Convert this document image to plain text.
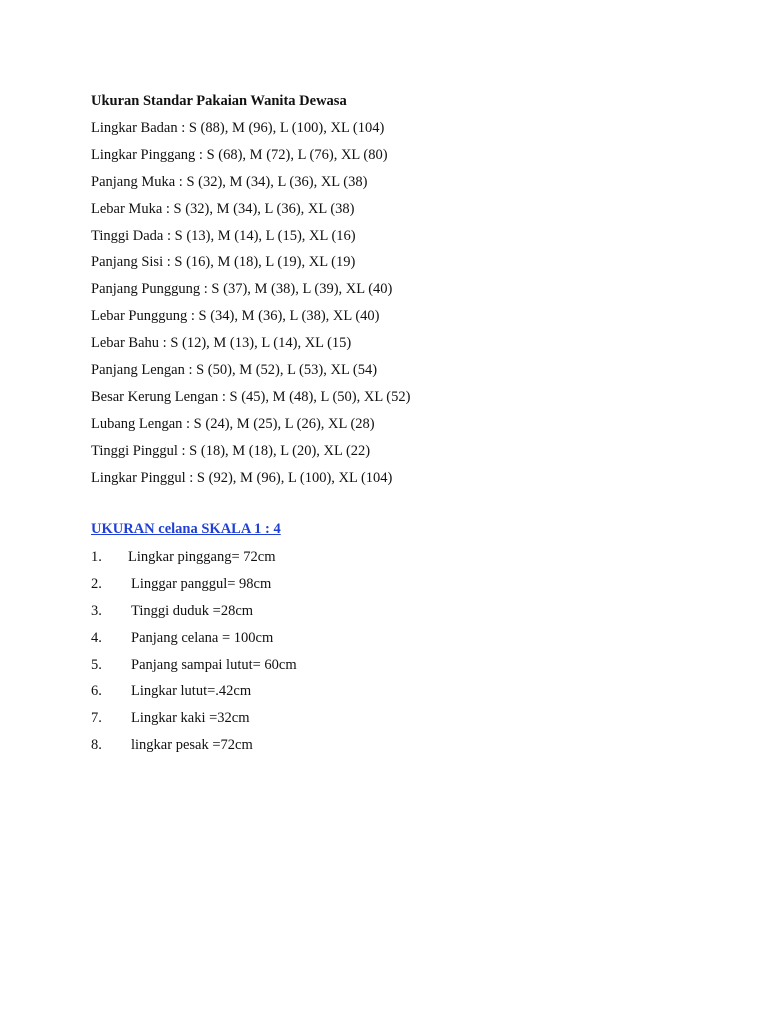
Ukuran Standar Pakaian Wanita Dewasa

Lingkar Badan : S (88), M (96), L (100), XL (104)
Lingkar Pinggang : S (68), M (72), L (76), XL (80)
Panjang Muka : S (32), M (34), L (36), XL (38)
Lebar Muka : S (32), M (34), L (36), XL (38)
Tinggi Dada : S (13), M (14), L (15), XL (16)
Panjang Sisi : S (16), M (18), L (19), XL (19)
Panjang Punggung : S (37), M (38), L (39), XL (40)
Lebar Punggung : S (34), M (36), L (38), XL (40)
Lebar Bahu : S (12), M (13), L (14), XL (15)
Panjang Lengan : S (50), M (52), L (53), XL (54)
Besar Kerung Lengan : S (45), M (48), L (50), XL (52)
Lubang Lengan : S (24), M (25), L (26), XL (28)
Tinggi Pinggul : S (18), M (18), L (20), XL (22)
Lingkar Pinggul : S (92), M (96), L (100), XL (104)
UKURAN celana SKALA 1 : 4
1. Lingkar pinggang= 72cm
2. Linggar panggul= 98cm
3. Tinggi duduk =28cm
4. Panjang celana = 100cm
5. Panjang sampai lutut= 60cm
6. Lingkar lutut=.42cm
7. Lingkar kaki =32cm
8. lingkar pesak =72cm
